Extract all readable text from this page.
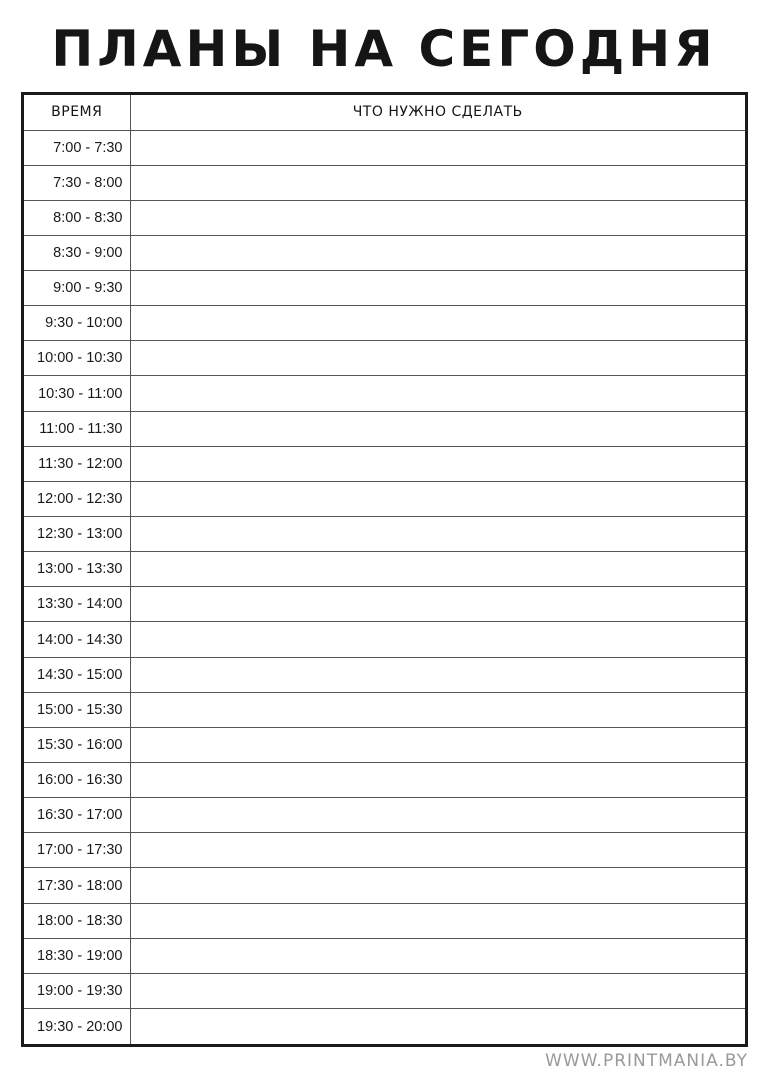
ПЛАНЫ НА СЕГОДНЯ
ВРЕМЯ	ЧТО НУЖНО СДЕЛАТЬ
7:00 - 7:30	
7:30 - 8:00	
8:00 - 8:30	
8:30 - 9:00	
9:00 - 9:30	
9:30 - 10:00	
10:00 - 10:30	
10:30 - 11:00	
11:00 - 11:30	
11:30 - 12:00	
12:00 - 12:30	
12:30 - 13:00	
13:00 - 13:30	
13:30 - 14:00	
14:00 - 14:30	
14:30 - 15:00	
15:00 - 15:30	
15:30 - 16:00	
16:00 - 16:30	
16:30 - 17:00	
17:00 - 17:30	
17:30 - 18:00	
18:00 - 18:30	
18:30 - 19:00	
19:00 - 19:30	
19:30 - 20:00	
WWW.PRINTMANIA.BY
